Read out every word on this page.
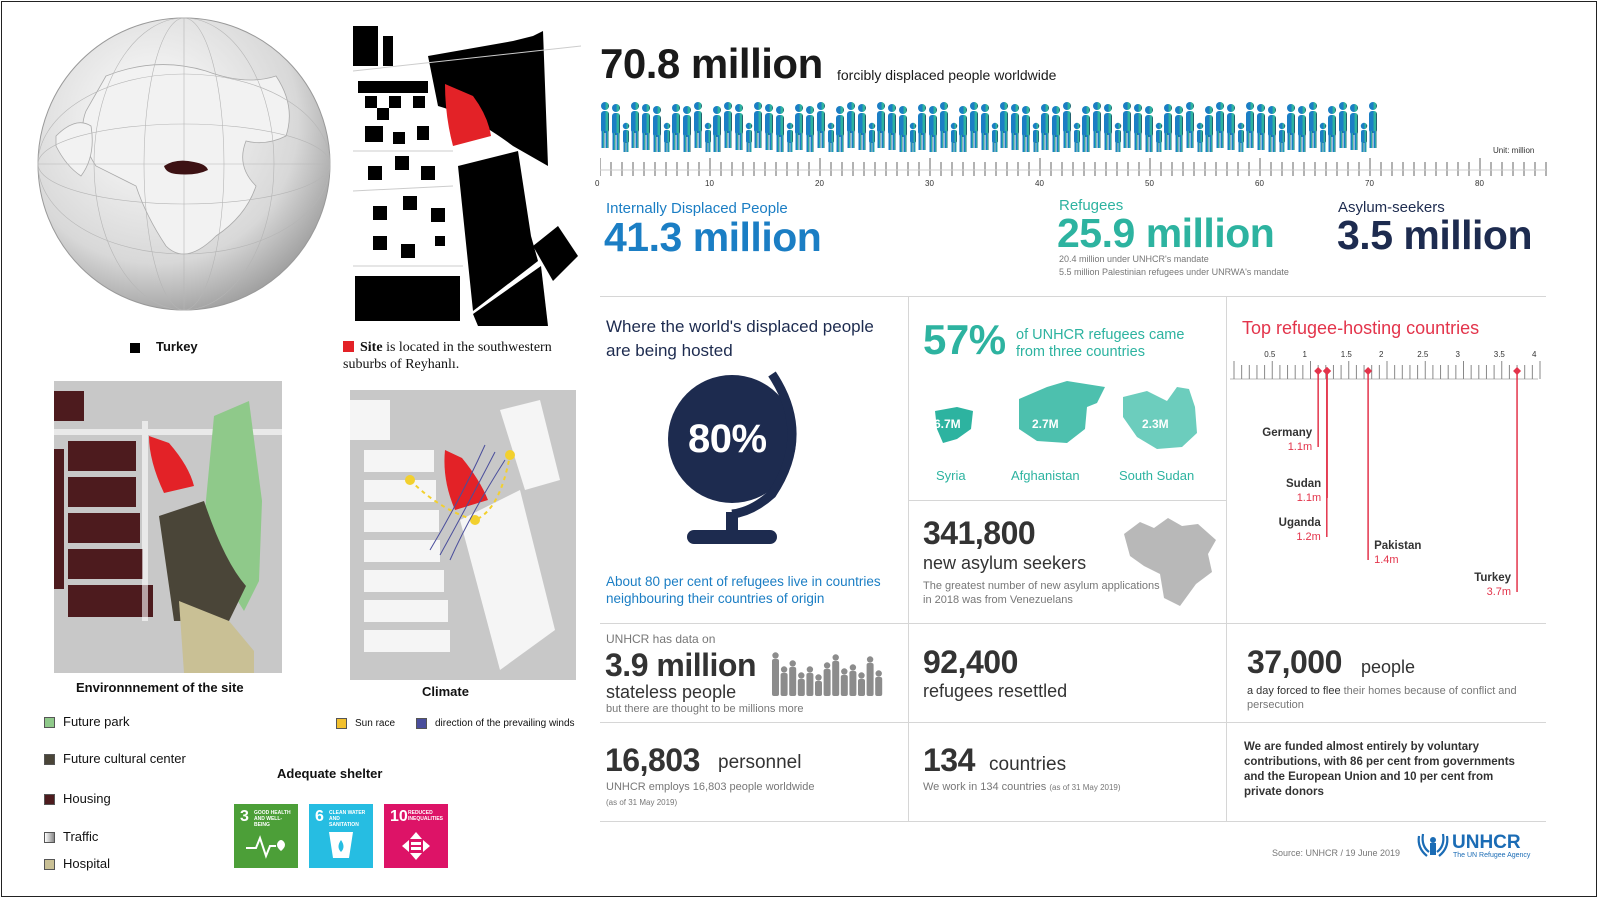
Turkey	Site is located in the southwestern suburbs of Reyhanlı.
Environnnement of the site	Climate
Sun race	direction of the prevailing winds
Future park
Future cultural center
Housing
Traffic
Hospital
Adequate shelter
3 GOOD HEALTH AND WELL-BEING	6 CLEAN WATER AND SANITATION	10 REDUCED INEQUALITIES
70.8 million forcibly displaced people worldwide
Unit: million
0	10	20	30	40	50	60	70	80
Internally Displaced People
41.3 million
Refugees
25.9 million
20.4 million under UNHCR's mandate
5.5 million Palestinian refugees under UNRWA's mandate
Asylum-seekers
3.5 million
Where the world's displaced people are being hosted
80%
About 80 per cent of refugees live in countries neighbouring their countries of origin
57% of UNHCR refugees came from three countries
6.7M	2.7M	2.3M
Syria	Afghanistan	South Sudan
Top refugee-hosting countries
0.5	1	1.5	2	2.5	3	3.5	4
Germany
1.1m
Sudan
1.1m
Uganda
1.2m
Pakistan
1.4m
Turkey
3.7m
341,800
new asylum seekers
The greatest number of new asylum applications in 2018 was from Venezuelans
UNHCR has data on
3.9 million
stateless people
but there are thought to be millions more
92,400
refugees resettled
37,000 people
a day forced to flee their homes because of conflict and persecution
16,803 personnel
UNHCR employs 16,803 people worldwide
(as of 31 May 2019)
134 countries
We work in 134 countries (as of 31 May 2019)
We are funded almost entirely by voluntary contributions, with 86 per cent from governments and the European Union and 10 per cent from private donors
Source: UNHCR / 19 June 2019	UNHCR
The UN Refugee Agency
